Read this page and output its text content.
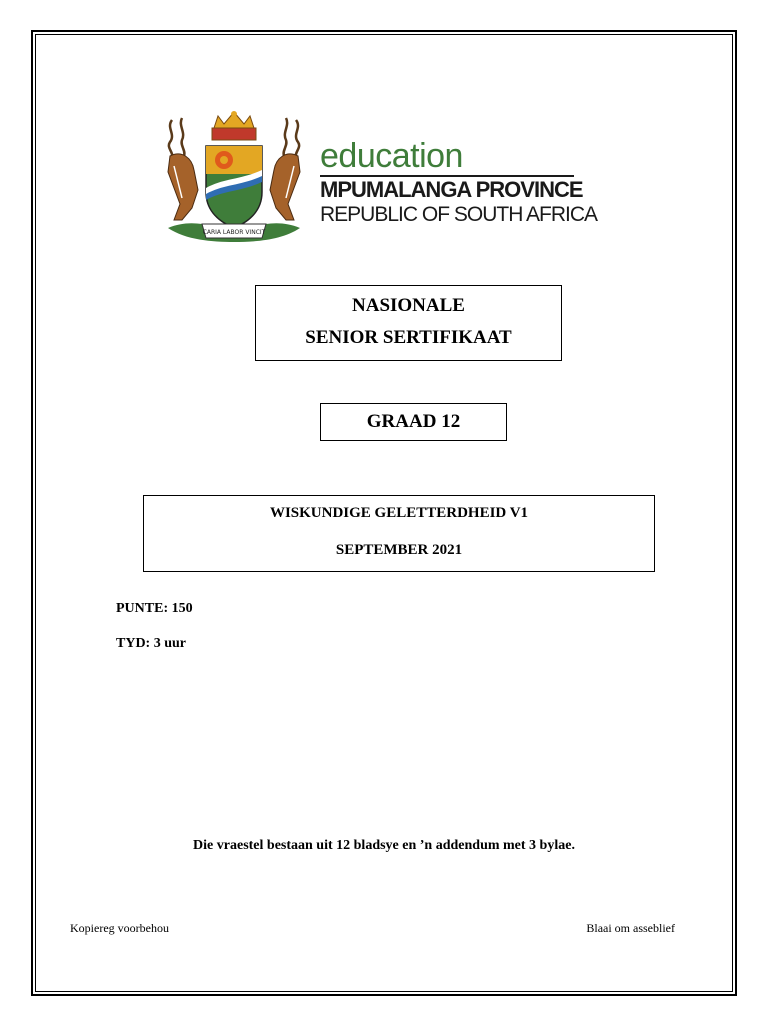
CARIA LABOR VINCIT
education
MPUMALANGA PROVINCE
REPUBLIC OF SOUTH AFRICA
NASIONALE
SENIOR SERTIFIKAAT
GRAAD 12
WISKUNDIGE GELETTERDHEID V1
SEPTEMBER 2021
PUNTE: 150
TYD: 3 uur
Die vraestel bestaan uit 12 bladsye en ’n addendum met 3 bylae.
Kopiereg voorbehou	Blaai om asseblief
